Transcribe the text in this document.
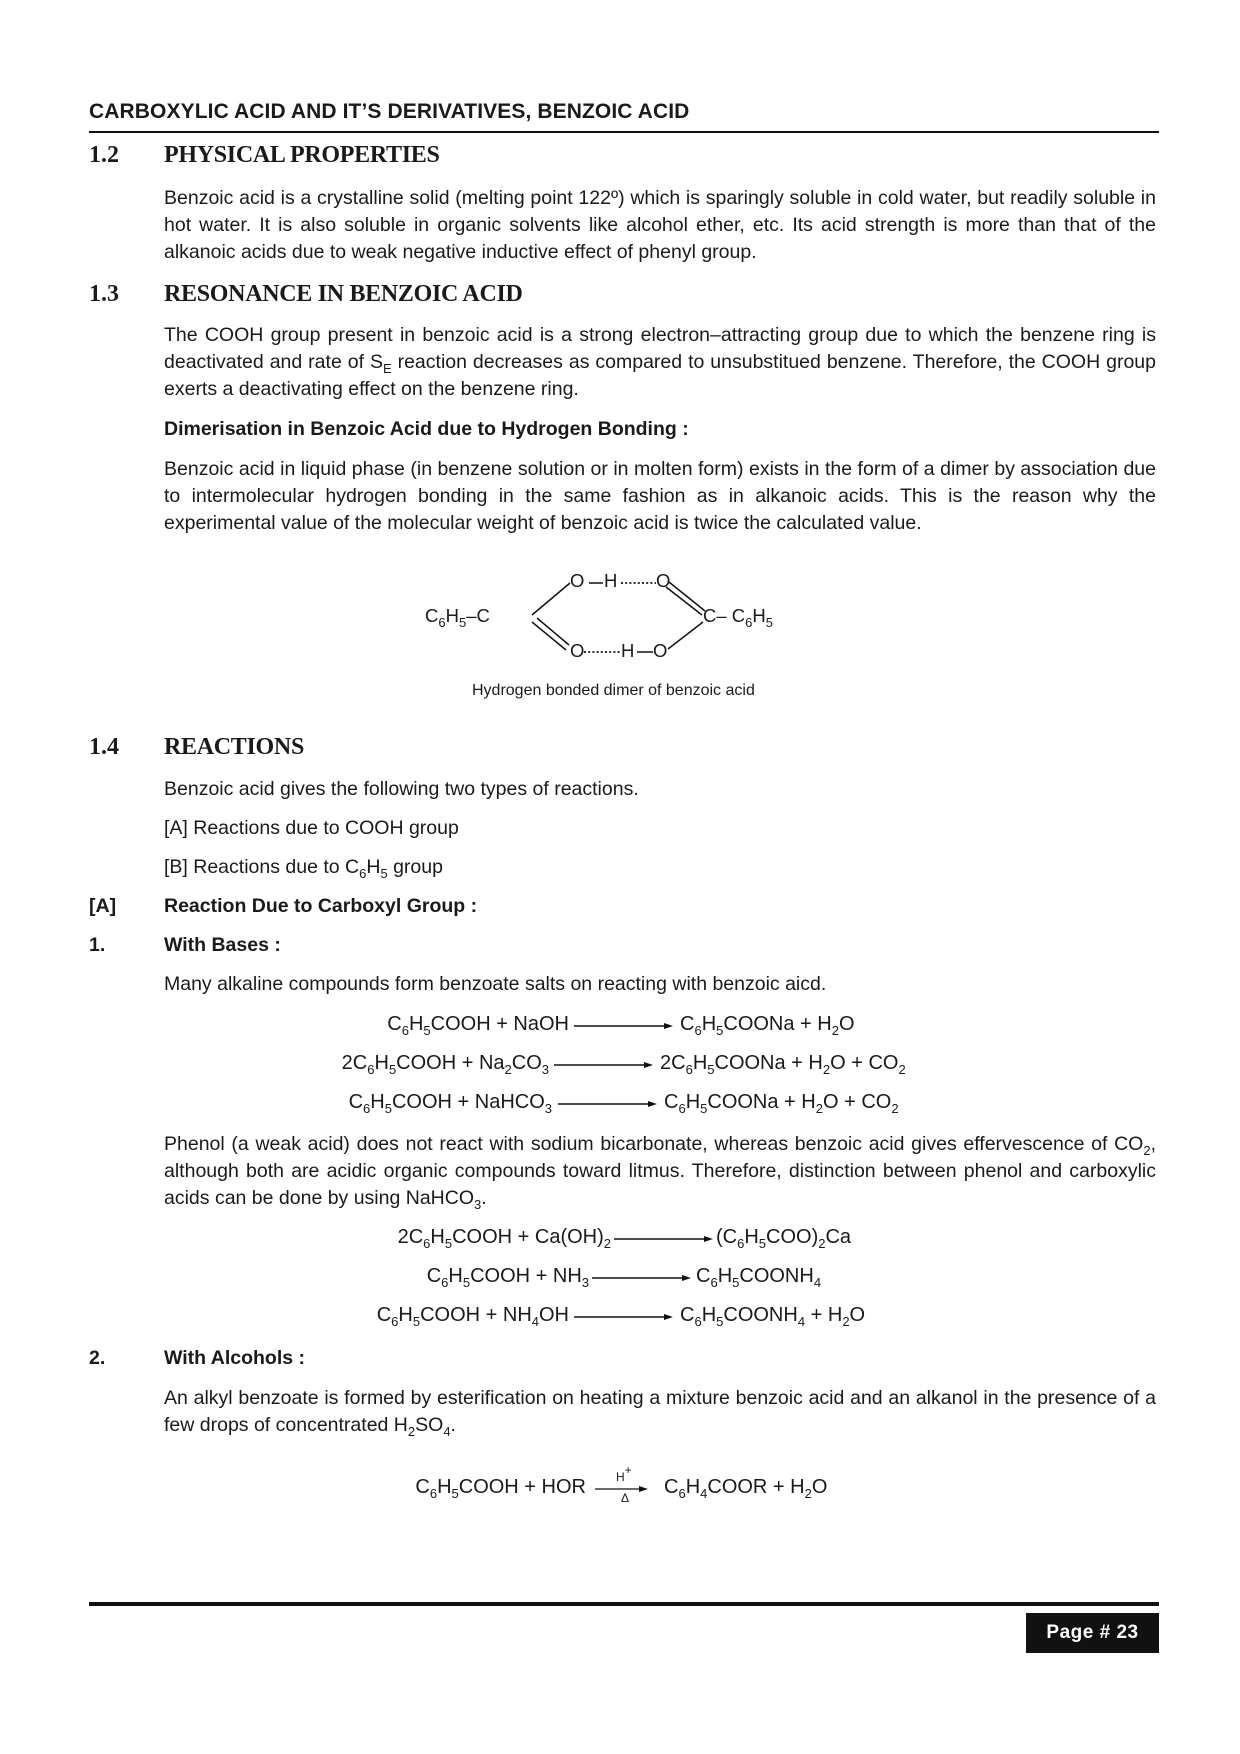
CARBOXYLIC ACID AND IT’S DERIVATIVES, BENZOIC ACID
1.2 PHYSICAL PROPERTIES

Benzoic acid is a crystalline solid (melting point 122º) which is sparingly soluble in cold water, but readily soluble in hot water. It is also soluble in organic solvents like alcohol ether, etc. Its acid strength is more than that of the alkanoic acids due to weak negative inductive effect of phenyl group.

1.3 RESONANCE IN BENZOIC ACID

The COOH group present in benzoic acid is a strong electron–attracting group due to which the benzene ring is deactivated and rate of $S_E$ reaction decreases as compared to unsubstitued benzene. Therefore, the COOH group exerts a deactivating effect on the benzene ring.

Dimerisation in Benzoic Acid due to Hydrogen Bonding :

Benzoic acid in liquid phase (in benzene solution or in molten form) exists in the form of a dimer by association due to intermolecular hydrogen bonding in the same fashion as in alkanoic acids. This is the reason why the experimental value of the molecular weight of benzoic acid is twice the calculated value.

O H O
$C_6H_5-C$	C– $C_6H_5$
O H O
Hydrogen bonded dimer of benzoic acid
1.4 REACTIONS
Benzoic acid gives the following two types of reactions.
[A] Reactions due to COOH group
[B] Reactions due to $C_6H_5$ group
[A] Reaction Due to Carboxyl Group :
1.	With Bases :
Many alkaline compounds form benzoate salts on reacting with benzoic aicd.
$C_6H_5COOH$ + NaOH	$C_6H_5COONa + H_2O$
$2C_6H_5COOH + Na_2CO_3$	$2C_6H_5COONa + H_2O + CO_2$
$C_6H_5COOH$ + NaHCO$_3$	$C_6H_5COONa + H_2O + CO_2$

Phenol (a weak acid) does not react with sodium bicarbonate, whereas benzoic acid gives effervescence of $CO_2$, although both are acidic organic compounds toward litmus. Therefore, distinction between phenol and carboxylic acids can be done by using NaHCO$_3$.

$2C_6H_5COOH + Ca(OH)_2$	$(C_6H_5COO)_2Ca$
$C_6H_5COOH + NH_3$	$C_6H_5COONH_4$
$C_6H_5COOH + NH_4OH$	$C_6H_5COONH_4 + H_2O$
2.	With Alcohols :

An alkyl benzoate is formed by esterification on heating a mixture benzoic acid and an alkanol in the presence of a few drops of concentrated $H_2SO_4$.

$C_6H_5COOH$ + HOR	H+
Δ $C_6H_4COOR + H_2O$
Page # 23
